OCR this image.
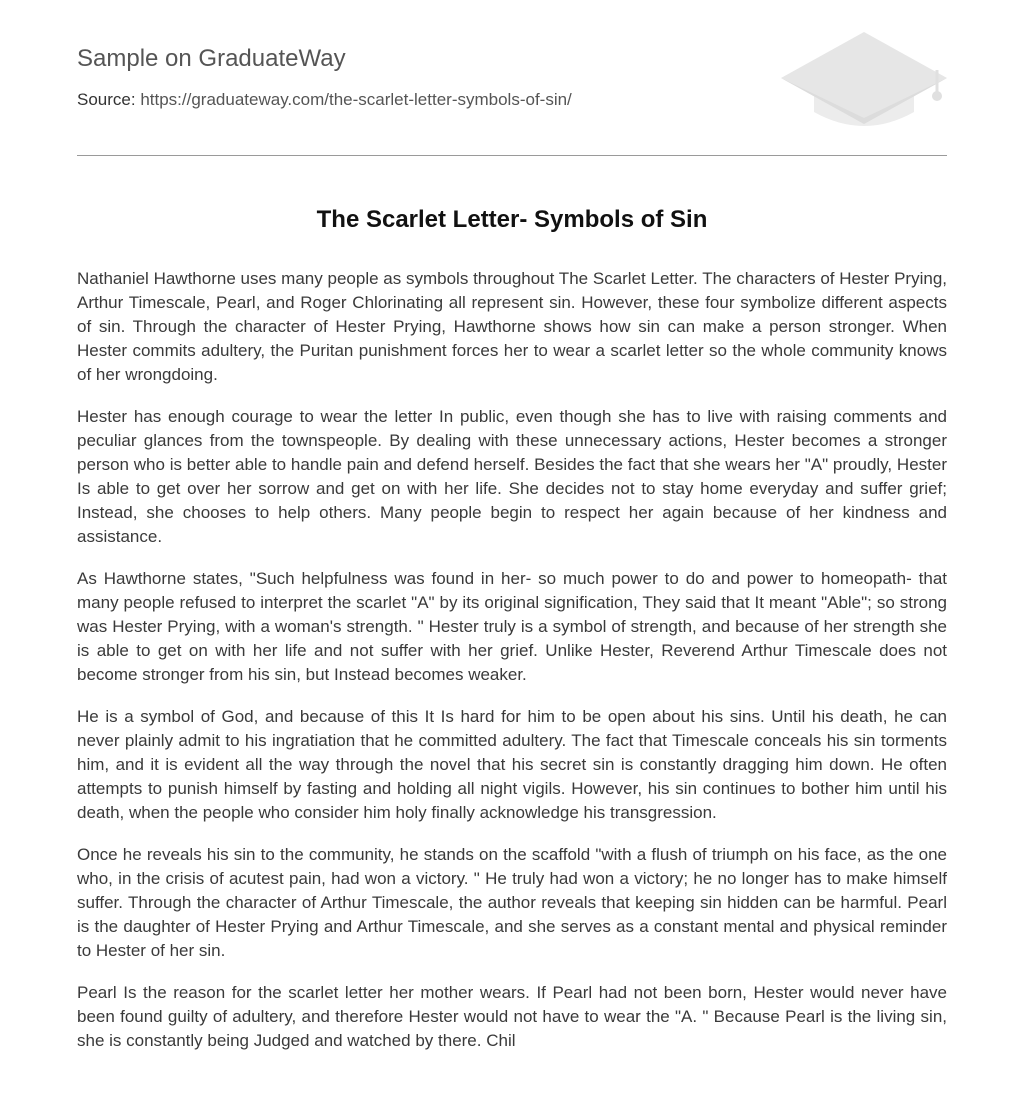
Sample on GraduateWay
Source: https://graduateway.com/the-scarlet-letter-symbols-of-sin/
The Scarlet Letter- Symbols of Sin

Nathaniel Hawthorne uses many people as symbols throughout The Scarlet Letter. The characters of Hester Prying, Arthur Timescale, Pearl, and Roger Chlorinating all represent sin. However, these four symbolize different aspects of sin. Through the character of Hester Prying, Hawthorne shows how sin can make a person stronger. When Hester commits adultery, the Puritan punishment forces her to wear a scarlet letter so the whole community knows of her wrongdoing.

Hester has enough courage to wear the letter In public, even though she has to live with raising comments and peculiar glances from the townspeople. By dealing with these unnecessary actions, Hester becomes a stronger person who is better able to handle pain and defend herself. Besides the fact that she wears her "A" proudly, Hester Is able to get over her sorrow and get on with her life. She decides not to stay home everyday and suffer grief; Instead, she chooses to help others. Many people begin to respect her again because of her kindness and assistance.

As Hawthorne states, "Such helpfulness was found in her- so much power to do and power to homeopath- that many people refused to interpret the scarlet "A" by its original signification, They said that It meant "Able"; so strong was Hester Prying, with a woman's strength. " Hester truly is a symbol of strength, and because of her strength she is able to get on with her life and not suffer with her grief. Unlike Hester, Reverend Arthur Timescale does not become stronger from his sin, but Instead becomes weaker.

He is a symbol of God, and because of this It Is hard for him to be open about his sins. Until his death, he can never plainly admit to his ingratiation that he committed adultery. The fact that Timescale conceals his sin torments him, and it is evident all the way through the novel that his secret sin is constantly dragging him down. He often attempts to punish himself by fasting and holding all night vigils. However, his sin continues to bother him until his death, when the people who consider him holy finally acknowledge his transgression.

Once he reveals his sin to the community, he stands on the scaffold "with a flush of triumph on his face, as the one who, in the crisis of acutest pain, had won a victory. " He truly had won a victory; he no longer has to make himself suffer. Through the character of Arthur Timescale, the author reveals that keeping sin hidden can be harmful. Pearl is the daughter of Hester Prying and Arthur Timescale, and she serves as a constant mental and physical reminder to Hester of her sin.

Pearl Is the reason for the scarlet letter her mother wears. If Pearl had not been born, Hester would never have been found guilty of adultery, and therefore Hester would not have to wear the "A. " Because Pearl is the living sin, she is constantly being Judged and watched by there. Chil
